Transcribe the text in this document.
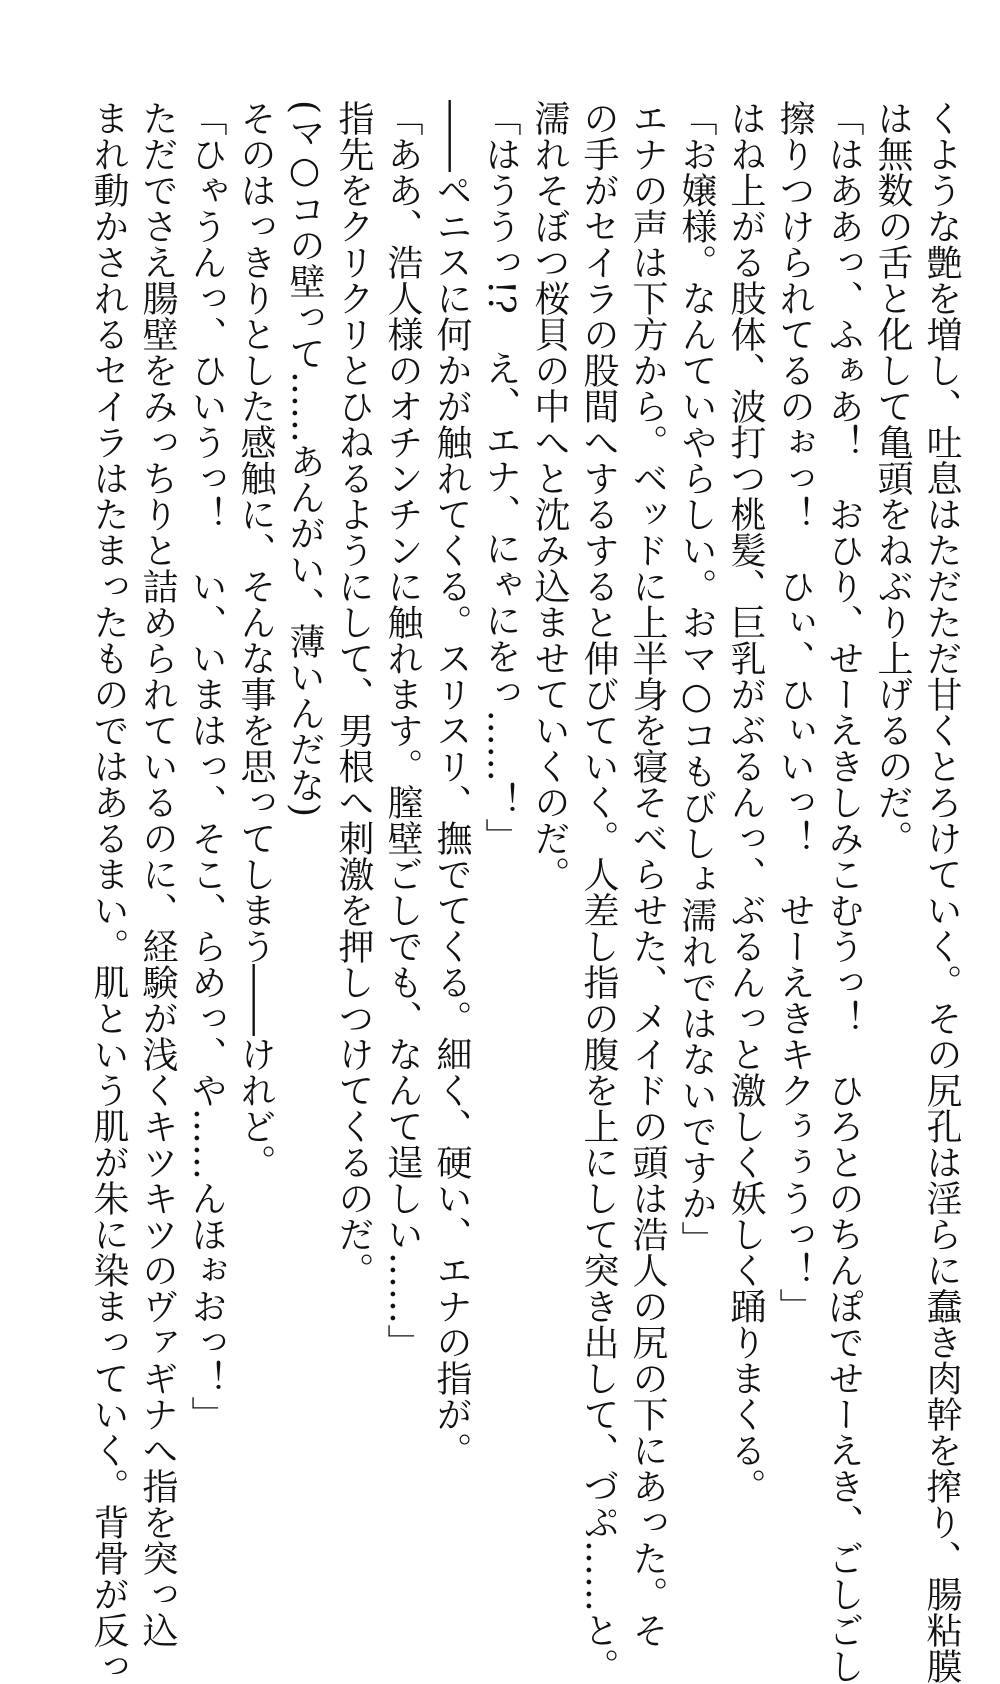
くような艶を増し、吐息はただただ甘くとろけていく。その尻孔は淫らに蠢き肉幹を搾り、腸粘膜
は無数の舌と化して亀頭をねぶり上げるのだ。
「はああっ、ふぁあ！　おひり、せーえきしみこむうっ！　ひろとのちんぽでせーえき、ごしごし
擦りつけられてるのぉっ！　ひぃ、ひぃいっ！　せーえきキクぅぅうっ！」
はね上がる肢体、波打つ桃髪、巨乳がぶるんっ、ぶるんっと激しく妖しく踊りまくる。
「お嬢様。なんていやらしい。おマ○コもびしょ濡れではないですか」
エナの声は下方から。ベッドに上半身を寝そべらせた、メイドの頭は浩人の尻の下にあった。そ
の手がセイラの股間へするすると伸びていく。人差し指の腹を上にして突き出して、づぷ……と。
濡れそぼつ桜貝の中へと沈み込ませていくのだ。
「はううっ!?　え、エナ、にゃにをっ……！」
――ペニスに何かが触れてくる。スリスリ、撫でてくる。細く、硬い、エナの指が。
「ああ、浩人様のオチンチンに触れます。膣壁ごしでも、なんて逞しい……」
指先をクリクリとひねるようにして、男根へ刺激を押しつけてくるのだ。
(マ○コの壁って……あんがい、薄いんだな)
そのはっきりとした感触に、そんな事を思ってしまう――けれど。
「ひゃうんっ、ひいうっ！　い、いまはっ、そこ、らめっ、や……んほぉおっ！」
ただでさえ腸壁をみっちりと詰められているのに、経験が浅くキツキツのヴァギナへ指を突っ込
まれ動かされるセイラはたまったものではあるまい。肌という肌が朱に染まっていく。背骨が反っ
